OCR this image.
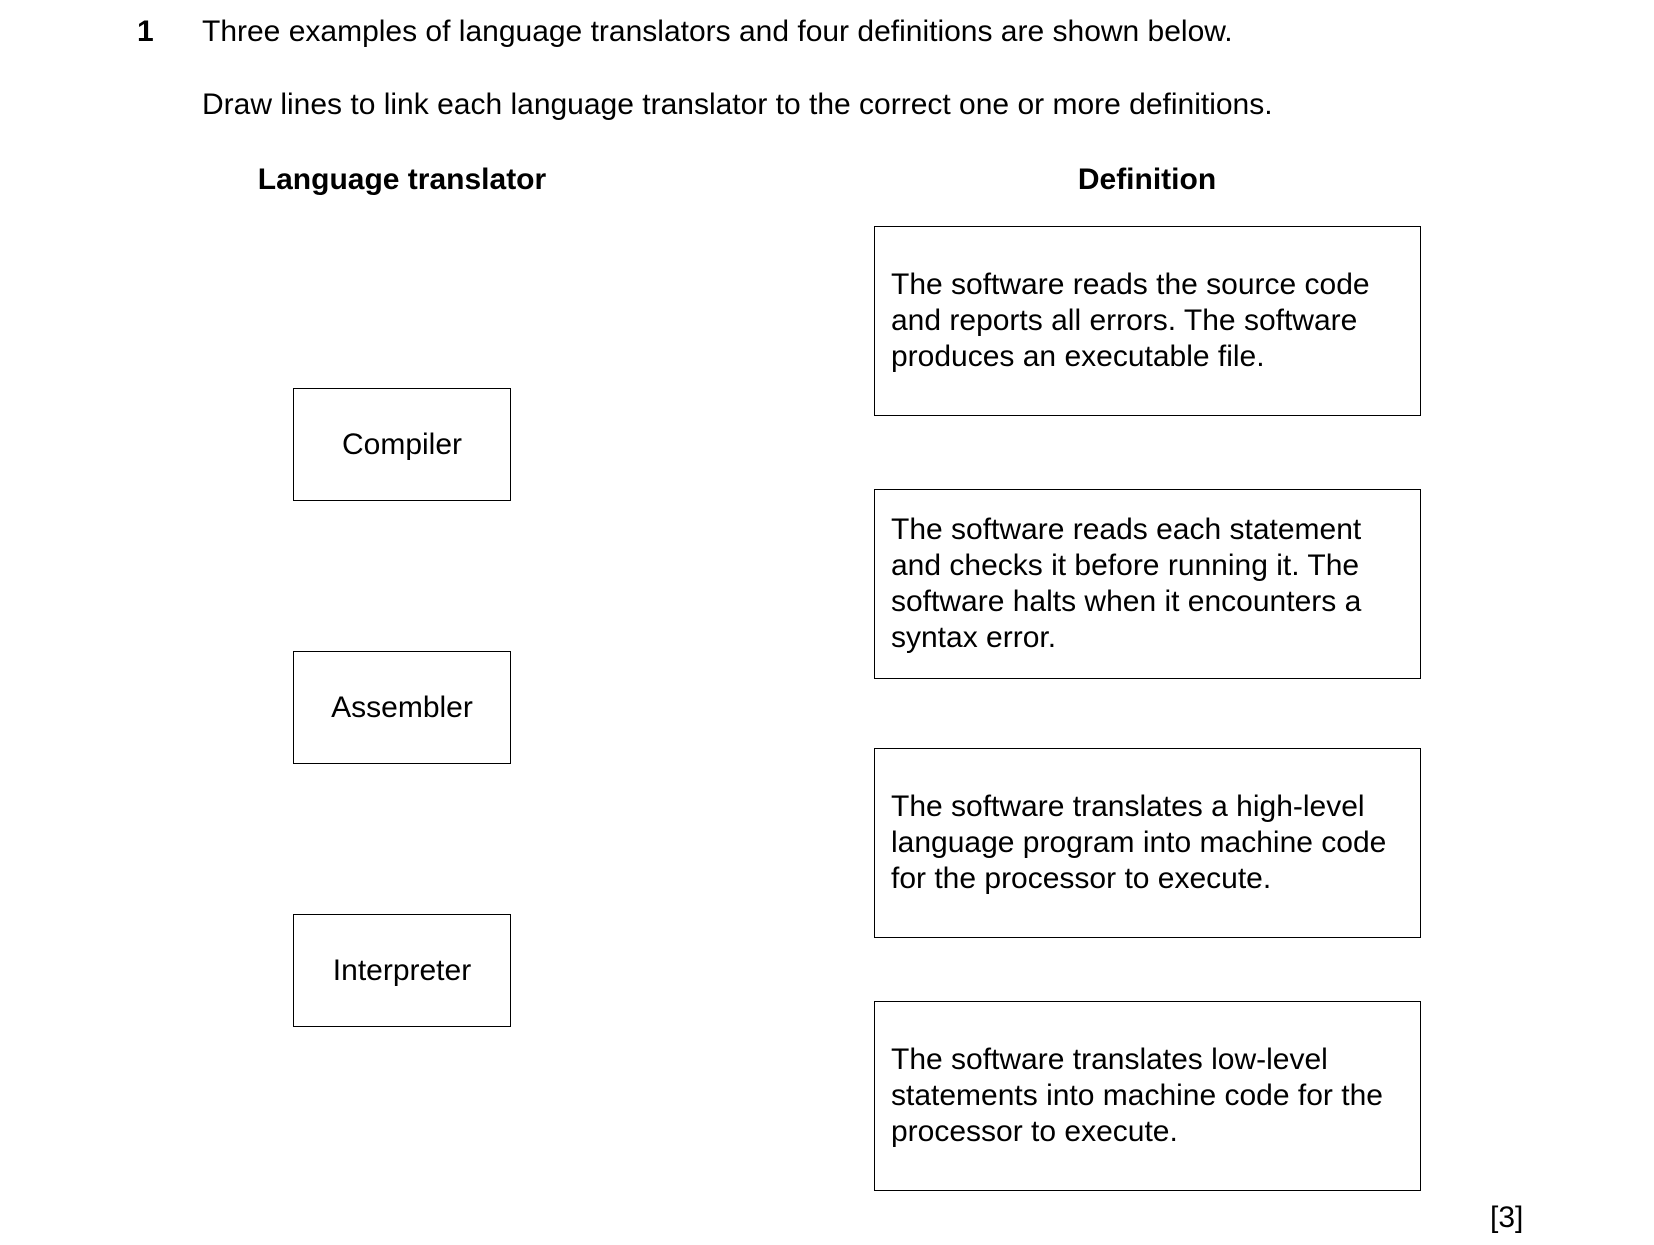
1 Three examples of language translators and four definitions are shown below.
Draw lines to link each language translator to the correct one or more definitions.
Language translator	Definition
Compiler
Assembler
Interpreter
The software reads the source code and reports all errors. The software produces an executable file.
The software reads each statement and checks it before running it. The software halts when it encounters a syntax error.
The software translates a high-level language program into machine code for the processor to execute.
The software translates low-level statements into machine code for the processor to execute.
[3]
